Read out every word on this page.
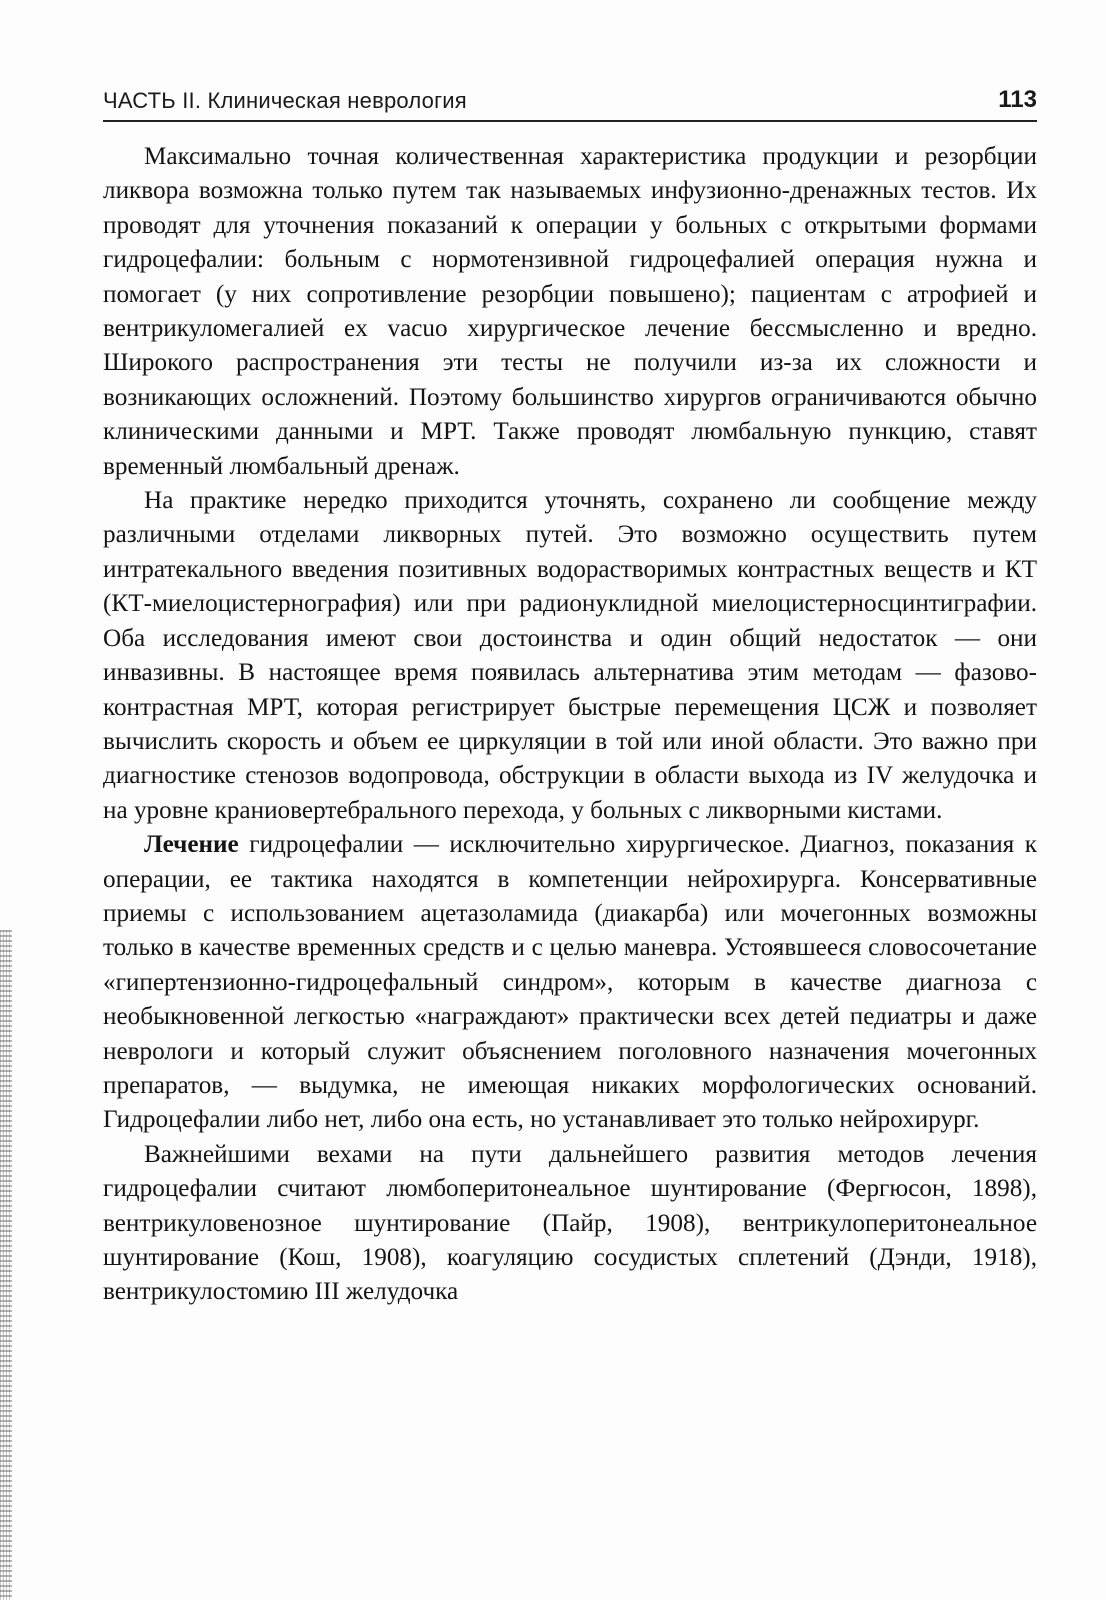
ЧАСТЬ II. Клиническая неврология	113

Максимально точная количественная характеристика продукции и резорбции ликвора возможна только путем так называемых инфузионно-дренажных тестов. Их проводят для уточнения показаний к операции у больных с открытыми формами гидроцефалии: больным с нормотензивной гидроцефалией операция нужна и помогает (у них сопротивление резорбции повышено); пациентам с атрофией и вентрикуломегалией ex vacuo хирургическое лечение бессмысленно и вредно. Широкого распространения эти тесты не получили из-за их сложности и возникающих осложнений. Поэтому большинство хирургов ограничиваются обычно клиническими данными и МРТ. Также проводят люмбальную пункцию, ставят временный люмбальный дренаж.

На практике нередко приходится уточнять, сохранено ли сообщение между различными отделами ликворных путей. Это возможно осуществить путем интратекального введения позитивных водорастворимых контрастных веществ и КТ (КТ-миелоцистернография) или при радионуклидной миелоцистерносцинтиграфии. Оба исследования имеют свои достоинства и один общий недостаток — они инвазивны. В настоящее время появилась альтернатива этим методам — фазово-контрастная МРТ, которая регистрирует быстрые перемещения ЦСЖ и позволяет вычислить скорость и объем ее циркуляции в той или иной области. Это важно при диагностике стенозов водопровода, обструкции в области выхода из IV желудочка и на уровне краниовертебрального перехода, у больных с ликворными кистами.

Лечение гидроцефалии — исключительно хирургическое. Диагноз, показания к операции, ее тактика находятся в компетенции нейрохирурга. Консервативные приемы с использованием ацетазоламида (диакарба) или мочегонных возможны только в качестве временных средств и с целью маневра. Устоявшееся словосочетание «гипертензионно-гидроцефальный синдром», которым в качестве диагноза с необыкновенной легкостью «награждают» практически всех детей педиатры и даже неврологи и который служит объяснением поголовного назначения мочегонных препаратов, — выдумка, не имеющая никаких морфологических оснований. Гидроцефалии либо нет, либо она есть, но устанавливает это только нейрохирург.

Важнейшими вехами на пути дальнейшего развития методов лечения гидроцефалии считают люмбоперитонеальное шунтирование (Фергюсон, 1898), вентрикуловенозное шунтирование (Пайр, 1908), вентрикулоперитонеальное шунтирование (Кош, 1908), коагуляцию сосудистых сплетений (Дэнди, 1918), вентрикулостомию III желудочка
